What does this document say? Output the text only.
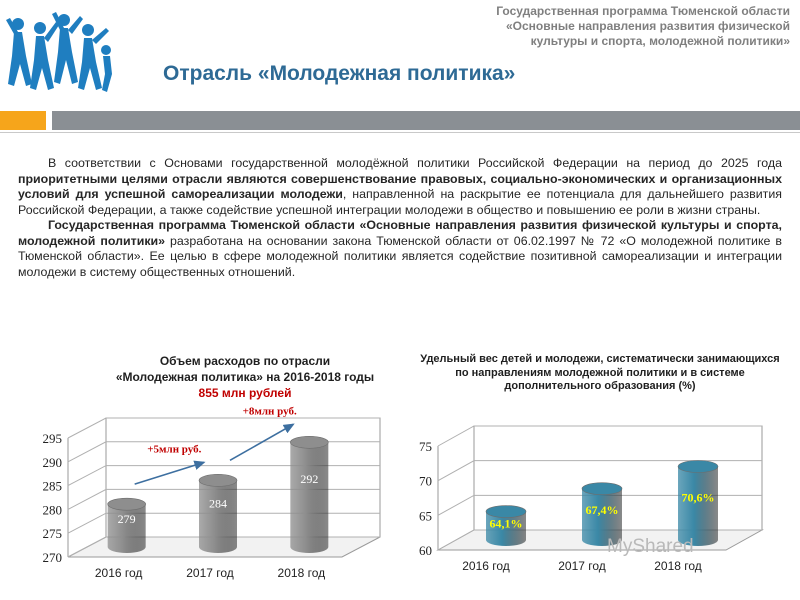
Государственная программа Тюменской области
«Основные направления развития физической
культуры и спорта, молодежной политики»
Отрасль «Молодежная политика»

В соответствии с Основами государственной молодёжной политики Российской Федерации на период до 2025 года приоритетными целями отрасли являются совершенствование правовых, социально-экономических и организационных условий для успешной самореализации молодежи, направленной на раскрытие ее потенциала для дальнейшего развития Российской Федерации, а также содействие успешной интеграции молодежи в общество и повышению ее роли в жизни страны.

Государственная программа Тюменской области «Основные направления развития физической культуры и спорта, молодежной политики» разработана на основании закона Тюменской области от 06.02.1997 № 72 «О молодежной политике в Тюменской области». Ее целью в сфере молодежной политики является содействие позитивной самореализации и интеграции молодежи в систему общественных отношений.

Объем расходов по отрасли
«Молодежная политика» на 2016-2018 годы
855 млн рублей
Удельный вес детей и молодежи, систематически занимающихся по направлениям молодежной политики и в системе дополнительного образования (%)
270
275
280
285
290
295
279
2016 год
284
2017 год
292
2018 год
+5млн руб.
+8млн руб.
60
65
70
75
64,1%
2016 год
67,4%
2017 год
70,6%
2018 год
MyShared
